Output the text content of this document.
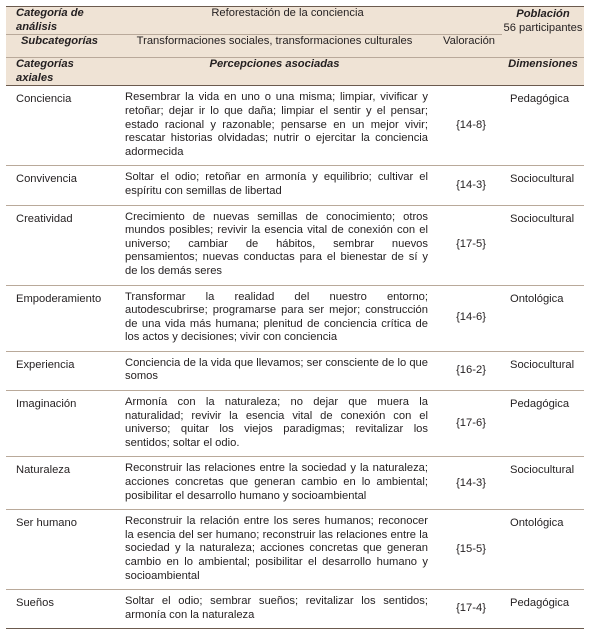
Categoría de análisis	Reforestación de la conciencia		Población
56 participantes

Subcategorías	Transformaciones sociales, transformaciones culturales	Valoración	
Categorías axiales	Percepciones asociadas		Dimensiones
Conciencia	Resembrar la vida en uno o una misma; limpiar, vivificar y retoñar; dejar ir lo que daña; limpiar el sentir y el pensar; estado racional y razonable; pensarse en un mejor vivir; rescatar historias olvidadas; nutrir o ejercitar la conciencia adormecida	{14-8}	Pedagógica
Convivencia	Soltar el odio; retoñar en armonía y equilibrio; cultivar el espíritu con semillas de libertad	{14-3}	Sociocultural
Creatividad	Crecimiento de nuevas semillas de conocimiento; otros mundos posibles; revivir la esencia vital de conexión con el universo; cambiar de hábitos, sembrar nuevos pensamientos; nuevas conductas para el bienestar de sí y de los demás seres	{17-5}	Sociocultural
Empoderamiento	Transformar la realidad del nuestro entorno; autodescubrirse; programarse para ser mejor; construcción de una vida más humana; plenitud de conciencia crítica de los actos y decisiones; vivir con conciencia	{14-6}	Ontológica
Experiencia	Conciencia de la vida que llevamos; ser consciente de lo que somos	{16-2}	Sociocultural
Imaginación	Armonía con la naturaleza; no dejar que muera la naturalidad; revivir la esencia vital de conexión con el universo; quitar los viejos paradigmas; revitalizar los sentidos; soltar el odio.	{17-6}	Pedagógica
Naturaleza	Reconstruir las relaciones entre la sociedad y la naturaleza; acciones concretas que generan cambio en lo ambiental; posibilitar el desarrollo humano y socioambiental	{14-3}	Sociocultural
Ser humano	Reconstruir la relación entre los seres humanos; reconocer la esencia del ser humano; reconstruir las relaciones entre la sociedad y la naturaleza; acciones concretas que generan cambio en lo ambiental; posibilitar el desarrollo humano y socioambiental	{15-5}	Ontológica
Sueños	Soltar el odio; sembrar sueños; revitalizar los sentidos; armonía con la naturaleza	{17-4}	Pedagógica
